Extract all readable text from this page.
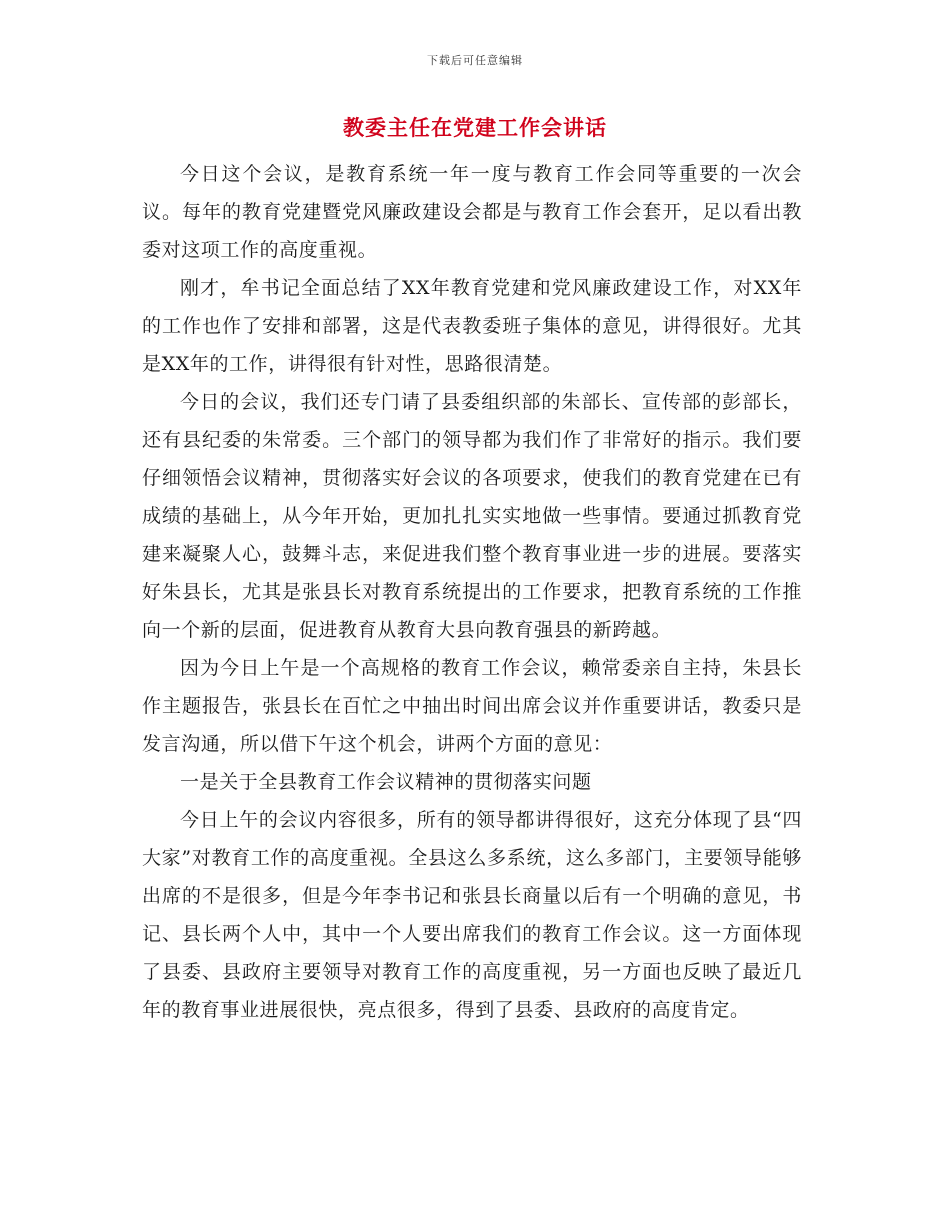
下载后可任意编辑
教委主任在党建工作会讲话

今日这个会议，是教育系统一年一度与教育工作会同等重要的一次会议。每年的教育党建暨党风廉政建设会都是与教育工作会套开，足以看出教委对这项工作的高度重视。

刚才，牟书记全面总结了XX年教育党建和党风廉政建设工作，对XX年的工作也作了安排和部署，这是代表教委班子集体的意见，讲得很好。尤其是XX年的工作，讲得很有针对性，思路很清楚。

今日的会议，我们还专门请了县委组织部的朱部长、宣传部的彭部长，还有县纪委的朱常委。三个部门的领导都为我们作了非常好的指示。我们要仔细领悟会议精神，贯彻落实好会议的各项要求，使我们的教育党建在已有成绩的基础上，从今年开始，更加扎扎实实地做一些事情。要通过抓教育党建来凝聚人心，鼓舞斗志，来促进我们整个教育事业进一步的进展。要落实好朱县长，尤其是张县长对教育系统提出的工作要求，把教育系统的工作推向一个新的层面，促进教育从教育大县向教育强县的新跨越。

因为今日上午是一个高规格的教育工作会议，赖常委亲自主持，朱县长作主题报告，张县长在百忙之中抽出时间出席会议并作重要讲话，教委只是发言沟通，所以借下午这个机会，讲两个方面的意见：

一是关于全县教育工作会议精神的贯彻落实问题

今日上午的会议内容很多，所有的领导都讲得很好，这充分体现了县“四大家”对教育工作的高度重视。全县这么多系统，这么多部门，主要领导能够出席的不是很多，但是今年李书记和张县长商量以后有一个明确的意见，书记、县长两个人中，其中一个人要出席我们的教育工作会议。这一方面体现了县委、县政府主要领导对教育工作的高度重视，另一方面也反映了最近几年的教育事业进展很快，亮点很多，得到了县委、县政府的高度肯定。
